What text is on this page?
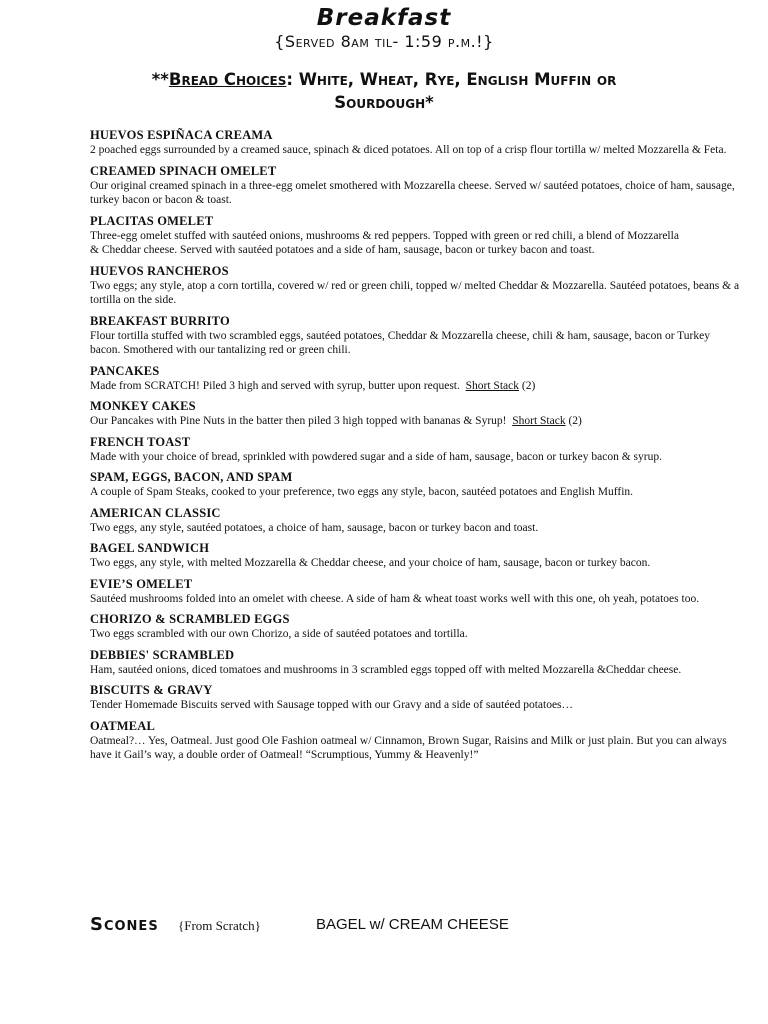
Breakfast
{Served 8am til- 1:59 p.m.!}
**Bread Choices: White, Wheat, Rye, English Muffin or Sourdough*
HUEVOS ESPIÑACA CREAMA
2 poached eggs surrounded by a creamed sauce, spinach & diced potatoes. All on top of a crisp flour tortilla w/ melted Mozzarella & Feta.
CREAMED SPINACH OMELET
Our original creamed spinach in a three-egg omelet smothered with Mozzarella cheese. Served w/ sautéed potatoes, choice of ham, sausage, turkey bacon or bacon & toast.
PLACITAS OMELET
Three-egg omelet stuffed with sautéed onions, mushrooms & red peppers. Topped with green or red chili, a blend of Mozzarella
& Cheddar cheese. Served with sautéed potatoes and a side of ham, sausage, bacon or turkey bacon and toast.
HUEVOS RANCHEROS
Two eggs; any style, atop a corn tortilla, covered w/ red or green chili, topped w/ melted Cheddar & Mozzarella. Sautéed potatoes, beans & a tortilla on the side.
BREAKFAST BURRITO
Flour tortilla stuffed with two scrambled eggs, sautéed potatoes, Cheddar & Mozzarella cheese, chili & ham, sausage, bacon or Turkey bacon. Smothered with our tantalizing red or green chili.
PANCAKES
Made from SCRATCH! Piled 3 high and served with syrup, butter upon request. Short Stack (2)
MONKEY CAKES
Our Pancakes with Pine Nuts in the batter then piled 3 high topped with bananas & Syrup! Short Stack (2)
FRENCH TOAST
Made with your choice of bread, sprinkled with powdered sugar and a side of ham, sausage, bacon or turkey bacon & syrup.
SPAM, EGGS, BACON, AND SPAM
A couple of Spam Steaks, cooked to your preference, two eggs any style, bacon, sautéed potatoes and English Muffin.
AMERICAN CLASSIC
Two eggs, any style, sautéed potatoes, a choice of ham, sausage, bacon or turkey bacon and toast.
BAGEL SANDWICH
Two eggs, any style, with melted Mozzarella & Cheddar cheese, and your choice of ham, sausage, bacon or turkey bacon.
EVIE’S OMELET
Sautéed mushrooms folded into an omelet with cheese. A side of ham & wheat toast works well with this one, oh yeah, potatoes too.
CHORIZO & SCRAMBLED EGGS
Two eggs scrambled with our own Chorizo, a side of sautéed potatoes and tortilla.
DEBBIES' SCRAMBLED
Ham, sautéed onions, diced tomatoes and mushrooms in 3 scrambled eggs topped off with melted Mozzarella &Cheddar cheese.
BISCUITS & GRAVY
Tender Homemade Biscuits served with Sausage topped with our Gravy and a side of sautéed potatoes…
OATMEAL
Oatmeal?… Yes, Oatmeal. Just good Ole Fashion oatmeal w/ Cinnamon, Brown Sugar, Raisins and Milk or just plain. But you can always have it Gail’s way, a double order of Oatmeal! “Scrumptious, Yummy & Heavenly!”
Scones {From Scratch}	BAGEL w/ CREAM CHEESE
